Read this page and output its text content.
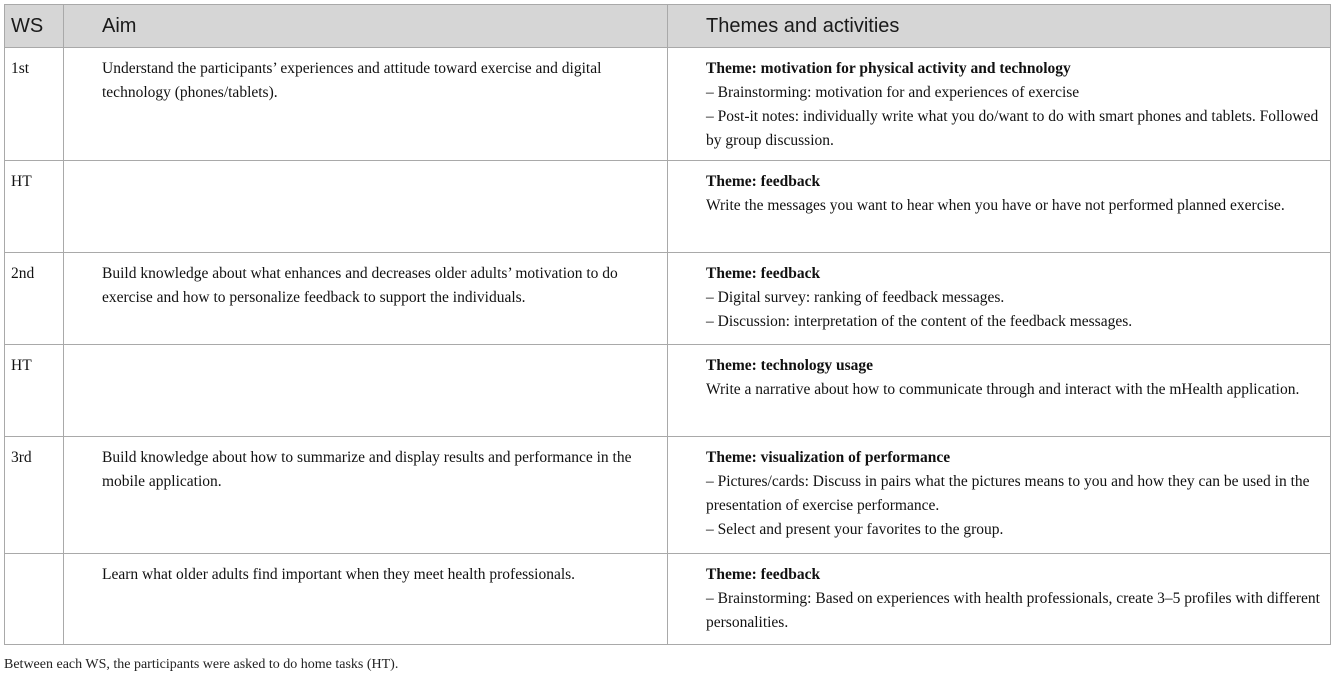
WS	Aim	Themes and activities
1st	Understand the participants’ experiences and attitude toward exercise and digital technology (phones/tablets).	Theme: motivation for physical activity and technology
– Brainstorming: motivation for and experiences of exercise
– Post-it notes: individually write what you do/want to do with smart phones and tablets. Followed by group discussion.

HT		Theme: feedback
Write the messages you want to hear when you have or have not performed planned exercise.

2nd	Build knowledge about what enhances and decreases older adults’ motivation to do exercise and how to personalize feedback to support the individuals.	Theme: feedback
– Digital survey: ranking of feedback messages.
– Discussion: interpretation of the content of the feedback messages.

HT		Theme: technology usage
Write a narrative about how to communicate through and interact with the mHealth application.

3rd	Build knowledge about how to summarize and display results and performance in the mobile application.	Theme: visualization of performance
– Pictures/cards: Discuss in pairs what the pictures means to you and how they can be used in the presentation of exercise performance.
– Select and present your favorites to the group.

	Learn what older adults find important when they meet health professionals.	Theme: feedback
– Brainstorming: Based on experiences with health professionals, create 3–5 profiles with different personalities.
Between each WS, the participants were asked to do home tasks (HT).
